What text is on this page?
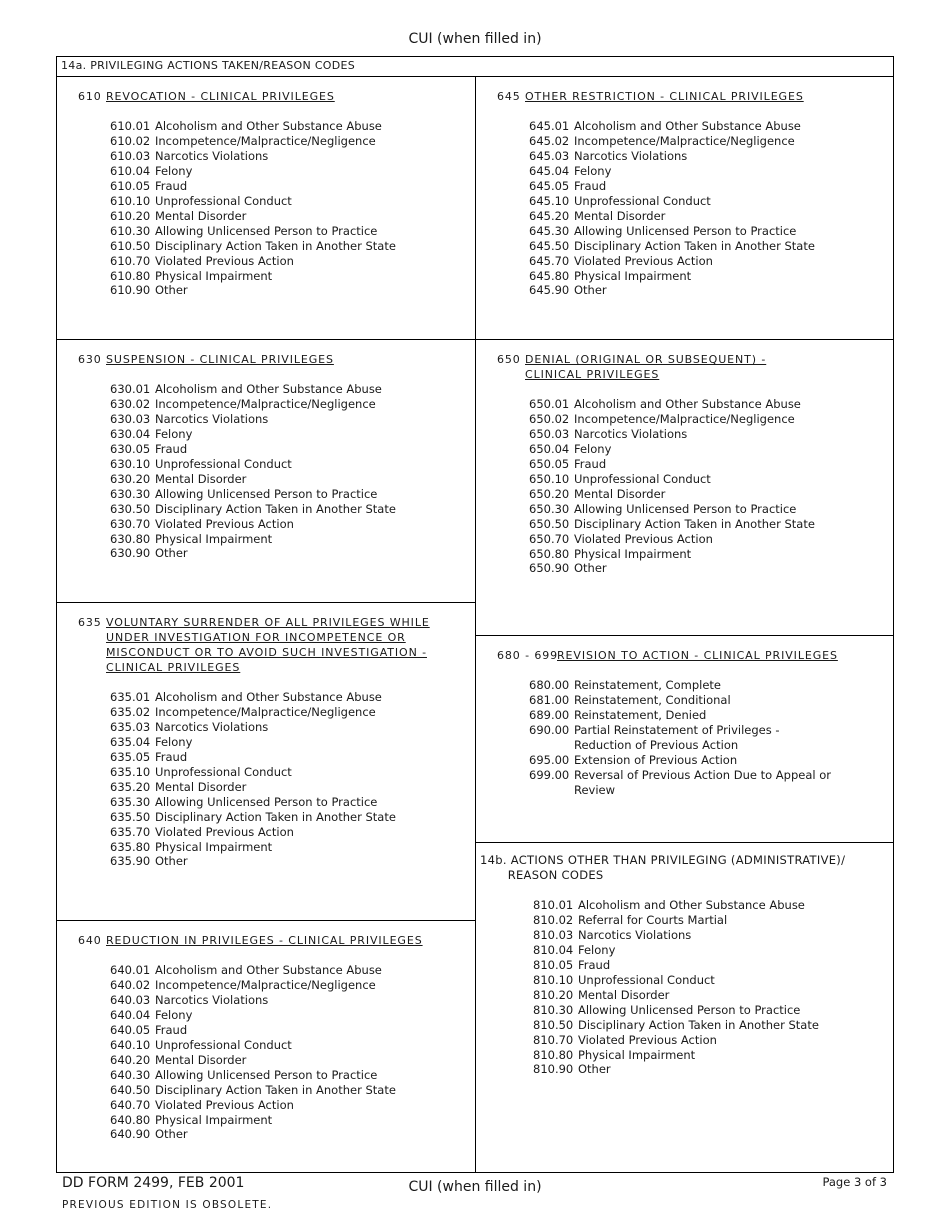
CUI (when filled in)
14a. PRIVILEGING ACTIONS TAKEN/REASON CODES
610 REVOCATION - CLINICAL PRIVILEGES
610.01 Alcoholism and Other Substance Abuse
610.02 Incompetence/Malpractice/Negligence
610.03 Narcotics Violations
610.04 Felony
610.05 Fraud
610.10 Unprofessional Conduct
610.20 Mental Disorder
610.30 Allowing Unlicensed Person to Practice
610.50 Disciplinary Action Taken in Another State
610.70 Violated Previous Action
610.80 Physical Impairment
610.90 Other
630 SUSPENSION - CLINICAL PRIVILEGES
630.01 Alcoholism and Other Substance Abuse
630.02 Incompetence/Malpractice/Negligence
630.03 Narcotics Violations
630.04 Felony
630.05 Fraud
630.10 Unprofessional Conduct
630.20 Mental Disorder
630.30 Allowing Unlicensed Person to Practice
630.50 Disciplinary Action Taken in Another State
630.70 Violated Previous Action
630.80 Physical Impairment
630.90 Other
635 VOLUNTARY SURRENDER OF ALL PRIVILEGES WHILE
UNDER INVESTIGATION FOR INCOMPETENCE OR
MISCONDUCT OR TO AVOID SUCH INVESTIGATION -
CLINICAL PRIVILEGES
635.01 Alcoholism and Other Substance Abuse
635.02 Incompetence/Malpractice/Negligence
635.03 Narcotics Violations
635.04 Felony
635.05 Fraud
635.10 Unprofessional Conduct
635.20 Mental Disorder
635.30 Allowing Unlicensed Person to Practice
635.50 Disciplinary Action Taken in Another State
635.70 Violated Previous Action
635.80 Physical Impairment
635.90 Other
640 REDUCTION IN PRIVILEGES - CLINICAL PRIVILEGES
640.01 Alcoholism and Other Substance Abuse
640.02 Incompetence/Malpractice/Negligence
640.03 Narcotics Violations
640.04 Felony
640.05 Fraud
640.10 Unprofessional Conduct
640.20 Mental Disorder
640.30 Allowing Unlicensed Person to Practice
640.50 Disciplinary Action Taken in Another State
640.70 Violated Previous Action
640.80 Physical Impairment
640.90 Other
645 OTHER RESTRICTION - CLINICAL PRIVILEGES
645.01 Alcoholism and Other Substance Abuse
645.02 Incompetence/Malpractice/Negligence
645.03 Narcotics Violations
645.04 Felony
645.05 Fraud
645.10 Unprofessional Conduct
645.20 Mental Disorder
645.30 Allowing Unlicensed Person to Practice
645.50 Disciplinary Action Taken in Another State
645.70 Violated Previous Action
645.80 Physical Impairment
645.90 Other
650 DENIAL (ORIGINAL OR SUBSEQUENT) -
CLINICAL PRIVILEGES
650.01 Alcoholism and Other Substance Abuse
650.02 Incompetence/Malpractice/Negligence
650.03 Narcotics Violations
650.04 Felony
650.05 Fraud
650.10 Unprofessional Conduct
650.20 Mental Disorder
650.30 Allowing Unlicensed Person to Practice
650.50 Disciplinary Action Taken in Another State
650.70 Violated Previous Action
650.80 Physical Impairment
650.90 Other
680 - 699
REVISION TO ACTION - CLINICAL PRIVILEGES
680.00 Reinstatement, Complete
681.00 Reinstatement, Conditional
689.00 Reinstatement, Denied
690.00 Partial Reinstatement of Privileges -
Reduction of Previous Action
695.00 Extension of Previous Action
699.00 Reversal of Previous Action Due to Appeal or
Review
14b. ACTIONS OTHER THAN PRIVILEGING (ADMINISTRATIVE)/
REASON CODES
810.01 Alcoholism and Other Substance Abuse
810.02 Referral for Courts Martial
810.03 Narcotics Violations
810.04 Felony
810.05 Fraud
810.10 Unprofessional Conduct
810.20 Mental Disorder
810.30 Allowing Unlicensed Person to Practice
810.50 Disciplinary Action Taken in Another State
810.70 Violated Previous Action
810.80 Physical Impairment
810.90 Other
DD FORM 2499, FEB 2001
PREVIOUS EDITION IS OBSOLETE.
CUI (when filled in)	Page 3 of 3
